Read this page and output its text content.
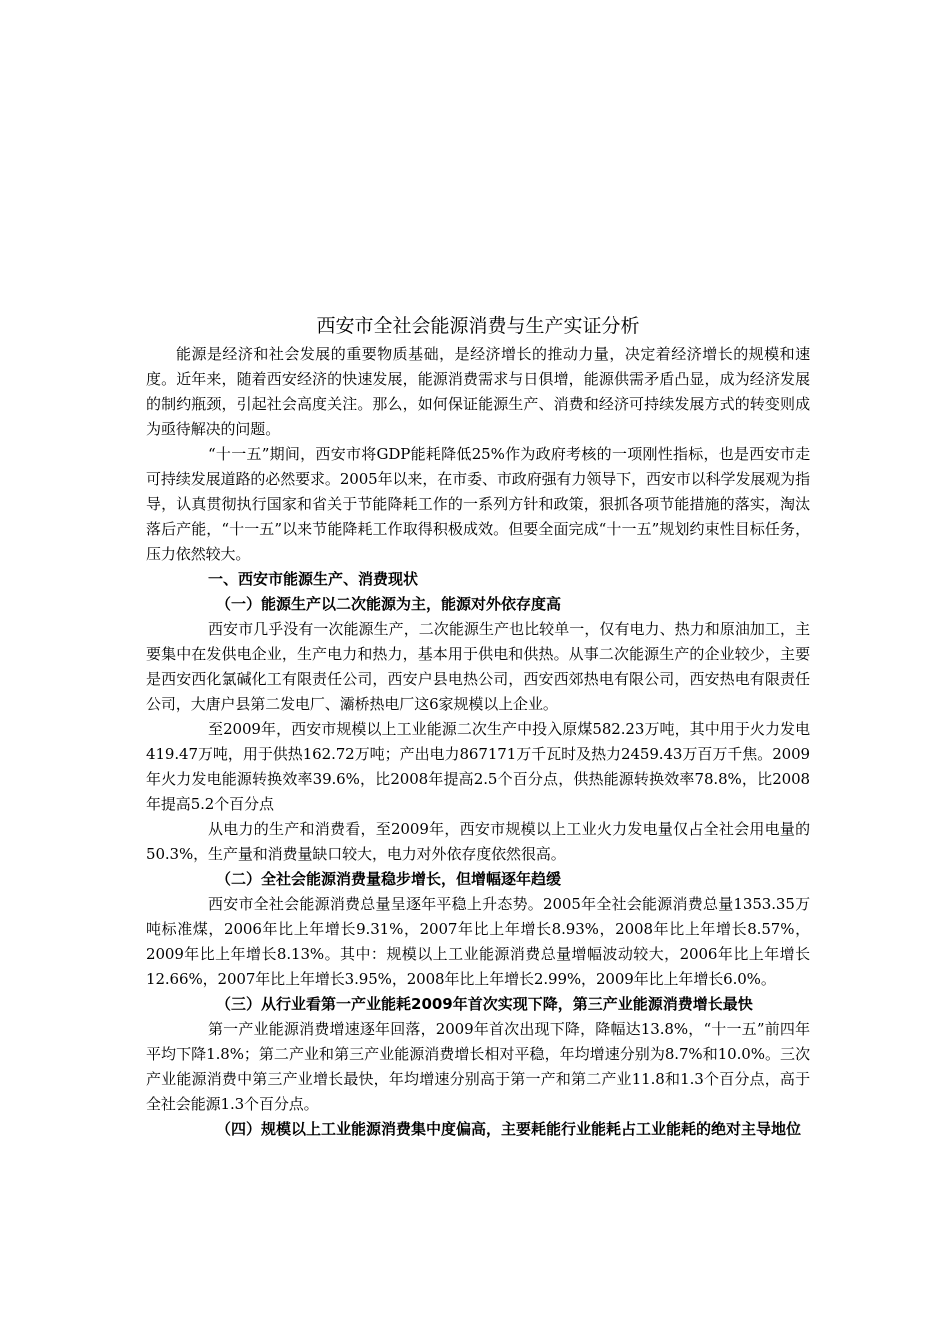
西安市全社会能源消费与生产实证分析

能源是经济和社会发展的重要物质基础，是经济增长的推动力量，决定着经济增长的规模和速度。近年来，随着西安经济的快速发展，能源消费需求与日俱增，能源供需矛盾凸显，成为经济发展的制约瓶颈，引起社会高度关注。那么，如何保证能源生产、消费和经济可持续发展方式的转变则成为亟待解决的问题。

“十一五”期间，西安市将GDP能耗降低25%作为政府考核的一项刚性指标，也是西安市走可持续发展道路的必然要求。2005年以来，在市委、市政府强有力领导下，西安市以科学发展观为指导，认真贯彻执行国家和省关于节能降耗工作的一系列方针和政策，狠抓各项节能措施的落实，淘汰落后产能，“十一五”以来节能降耗工作取得积极成效。但要全面完成“十一五”规划约束性目标任务，压力依然较大。

一、西安市能源生产、消费现状

（一）能源生产以二次能源为主，能源对外依存度高

西安市几乎没有一次能源生产，二次能源生产也比较单一，仅有电力、热力和原油加工，主要集中在发供电企业，生产电力和热力，基本用于供电和供热。从事二次能源生产的企业较少，主要是西安西化氯碱化工有限责任公司，西安户县电热公司，西安西郊热电有限公司，西安热电有限责任公司，大唐户县第二发电厂、灞桥热电厂这6家规模以上企业。

至2009年，西安市规模以上工业能源二次生产中投入原煤582.23万吨，其中用于火力发电419.47万吨，用于供热162.72万吨；产出电力867171万千瓦时及热力2459.43万百万千焦。2009年火力发电能源转换效率39.6%，比2008年提高2.5个百分点，供热能源转换效率78.8%，比2008年提高5.2个百分点

从电力的生产和消费看，至2009年，西安市规模以上工业火力发电量仅占全社会用电量的50.3%，生产量和消费量缺口较大，电力对外依存度依然很高。

（二）全社会能源消费量稳步增长，但增幅逐年趋缓

西安市全社会能源消费总量呈逐年平稳上升态势。2005年全社会能源消费总量1353.35万吨标准煤，2006年比上年增长9.31%，2007年比上年增长8.93%，2008年比上年增长8.57%，2009年比上年增长8.13%。其中：规模以上工业能源消费总量增幅波动较大，2006年比上年增长12.66%，2007年比上年增长3.95%，2008年比上年增长2.99%，2009年比上年增长6.0%。

（三）从行业看第一产业能耗2009年首次实现下降，第三产业能源消费增长最快

第一产业能源消费增速逐年回落，2009年首次出现下降，降幅达13.8%，“十一五”前四年平均下降1.8%；第二产业和第三产业能源消费增长相对平稳，年均增速分别为8.7%和10.0%。三次产业能源消费中第三产业增长最快，年均增速分别高于第一产和第二产业11.8和1.3个百分点，高于全社会能源1.3个百分点。

（四）规模以上工业能源消费集中度偏高，主要耗能行业能耗占工业能耗的绝对主导地位
